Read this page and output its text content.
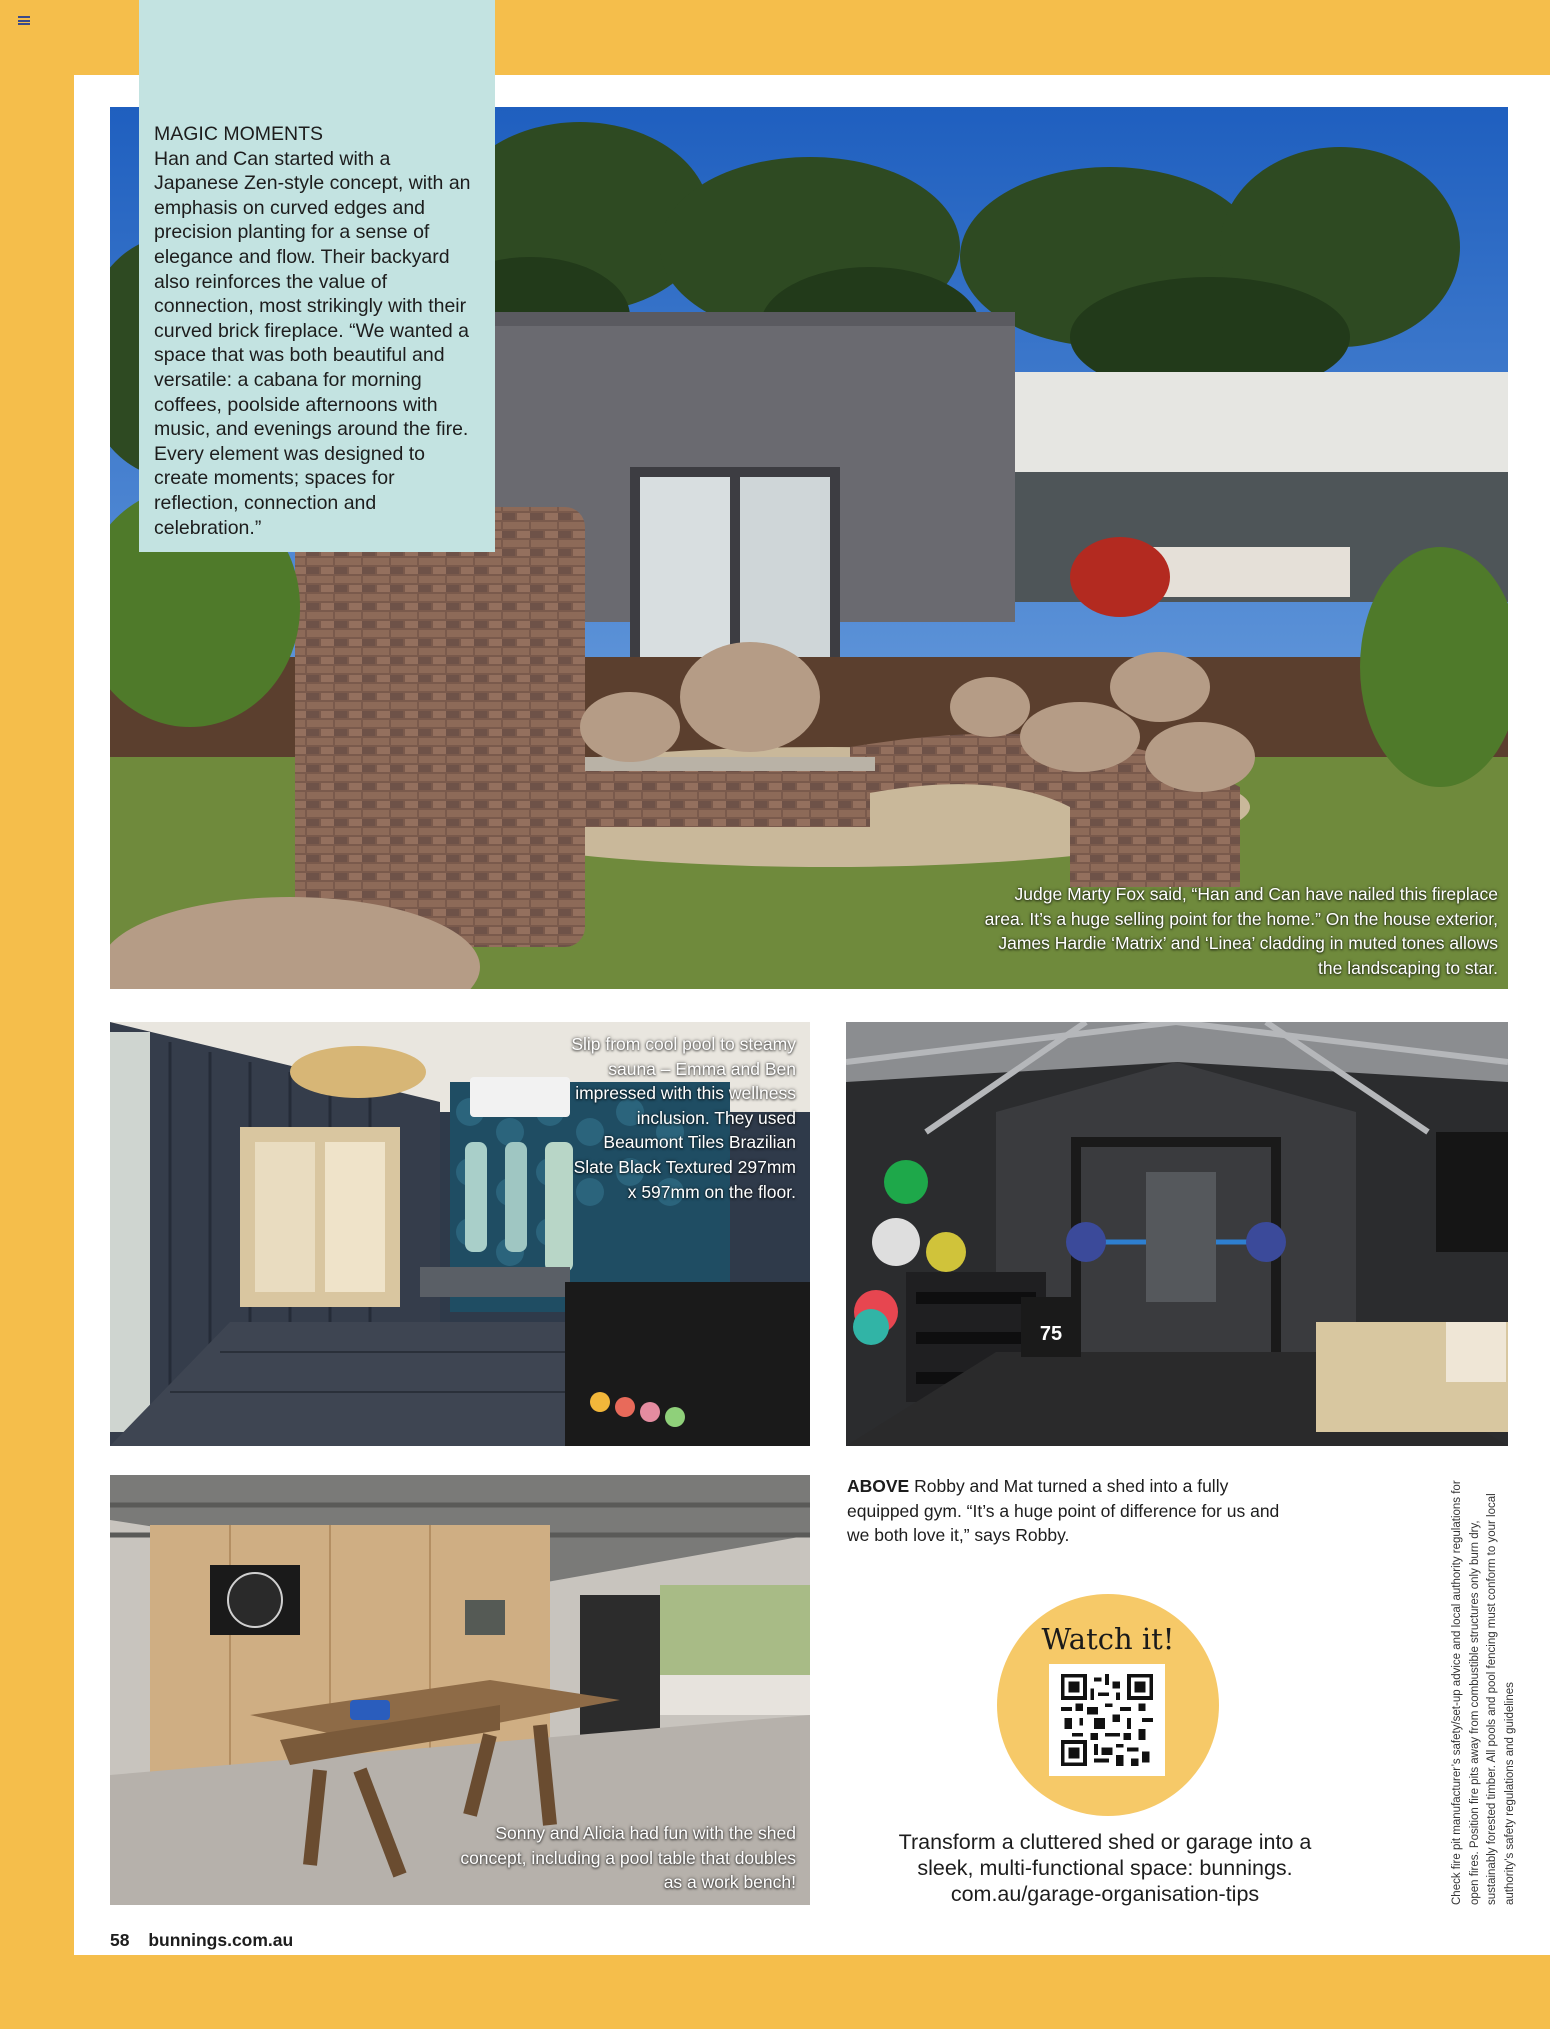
MAGIC MOMENTS
Han and Can started with a Japanese Zen-style concept, with an emphasis on curved edges and precision planting for a sense of elegance and flow. Their backyard also reinforces the value of connection, most strikingly with their curved brick fireplace. “We wanted a space that was both beautiful and versatile: a cabana for morning coffees, poolside afternoons with music, and evenings around the fire. Every element was designed to create moments; spaces for reflection, connection and celebration.”
Judge Marty Fox said, “Han and Can have nailed this fireplace area. It’s a huge selling point for the home.” On the house exterior, James Hardie ‘Matrix’ and ‘Linea’ cladding in muted tones allows the landscaping to star.
Slip from cool pool to steamy sauna – Emma and Ben impressed with this wellness inclusion. They used Beaumont Tiles Brazilian Slate Black Textured 297mm x 597mm on the floor.
75
Sonny and Alicia had fun with the shed concept, including a pool table that doubles as a work bench!
ABOVE Robby and Mat turned a shed into a fully equipped gym. “It’s a huge point of difference for us and we both love it,” says Robby.
Watch it!
Transform a cluttered shed or garage into a sleek, multi-functional space: bunnings. com.au/garage-organisation-tips	Check fire pit manufacturer’s safety/set-up advice and local authority regulations for open fires. Position fire pits away from combustible structures only burn dry, sustainably forested timber. All pools and pool fencing must conform to your local authority’s safety regulations and guidelines
58 bunnings.com.au
